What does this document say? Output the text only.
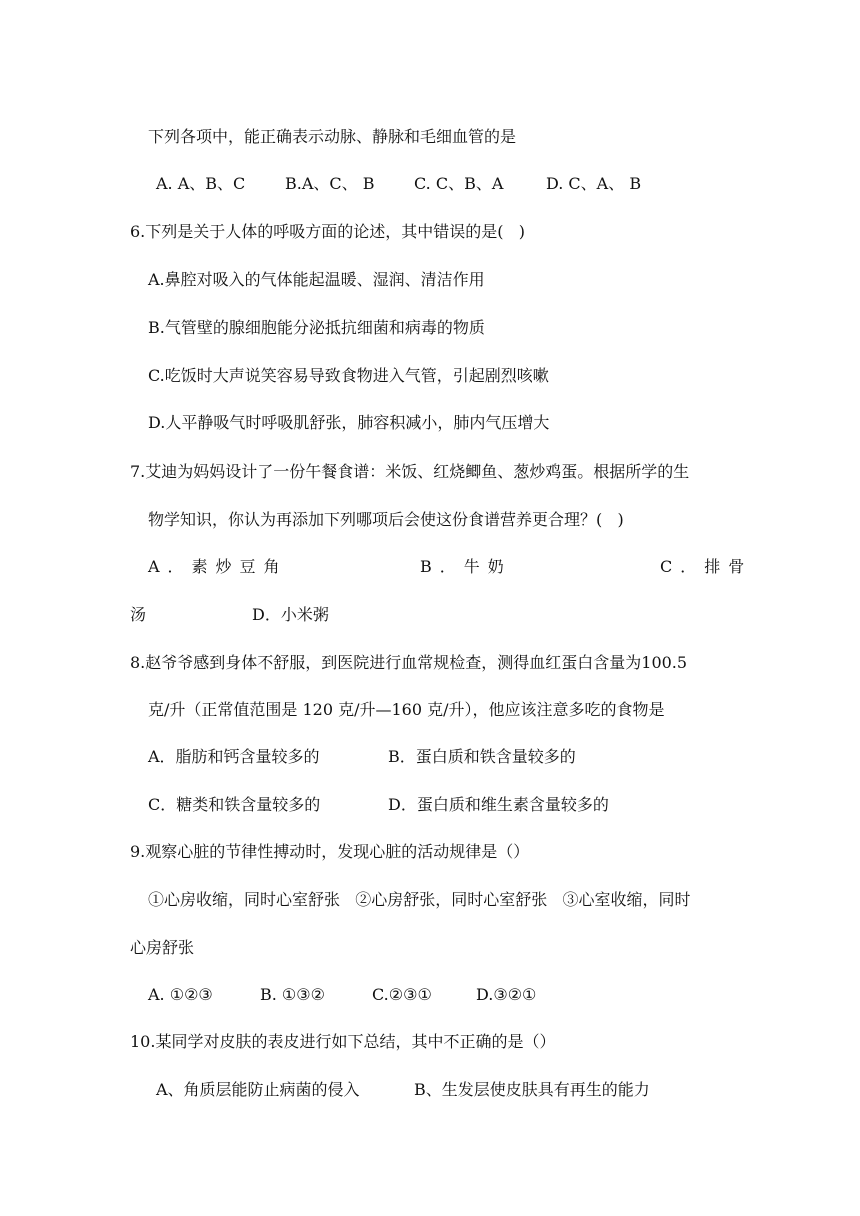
下列各项中，能正确表示动脉、静脉和毛细血管的是
A. A、B、C B.A、C、 B C. C、B、A	D. C、A、 B
6.下列是关于人体的呼吸方面的论述，其中错误的是(   )
A.鼻腔对吸入的气体能起温暖、湿润、清洁作用
B.气管壁的腺细胞能分泌抵抗细菌和病毒的物质
C.吃饭时大声说笑容易导致食物进入气管，引起剧烈咳嗽
D.人平静吸气时呼吸肌舒张，肺容积减小，肺内气压增大
7.艾迪为妈妈设计了一份午餐食谱：米饭、红烧鲫鱼、葱炒鸡蛋。根据所学的生
物学知识，你认为再添加下列哪项后会使这份食谱营养更合理？(   )
A．素炒豆角	B．牛奶	C．排骨
汤	D．小米粥
8.赵爷爷感到身体不舒服，到医院进行血常规检查，测得血红蛋白含量为100.5
克/升（正常值范围是 120 克/升—160 克/升），他应该注意多吃的食物是
A．脂肪和钙含量较多的	B．蛋白质和铁含量较多的
C．糖类和铁含量较多的	D．蛋白质和维生素含量较多的
9.观察心脏的节律性搏动时，发现心脏的活动规律是（）
①心房收缩，同时心室舒张   ②心房舒张，同时心室舒张   ③心室收缩，同时
心房舒张
A. ①②③	B. ①③②	C.②③①	D.③②①
10.某同学对皮肤的表皮进行如下总结，其中不正确的是（）
A、角质层能防止病菌的侵入	B、生发层使皮肤具有再生的能力
